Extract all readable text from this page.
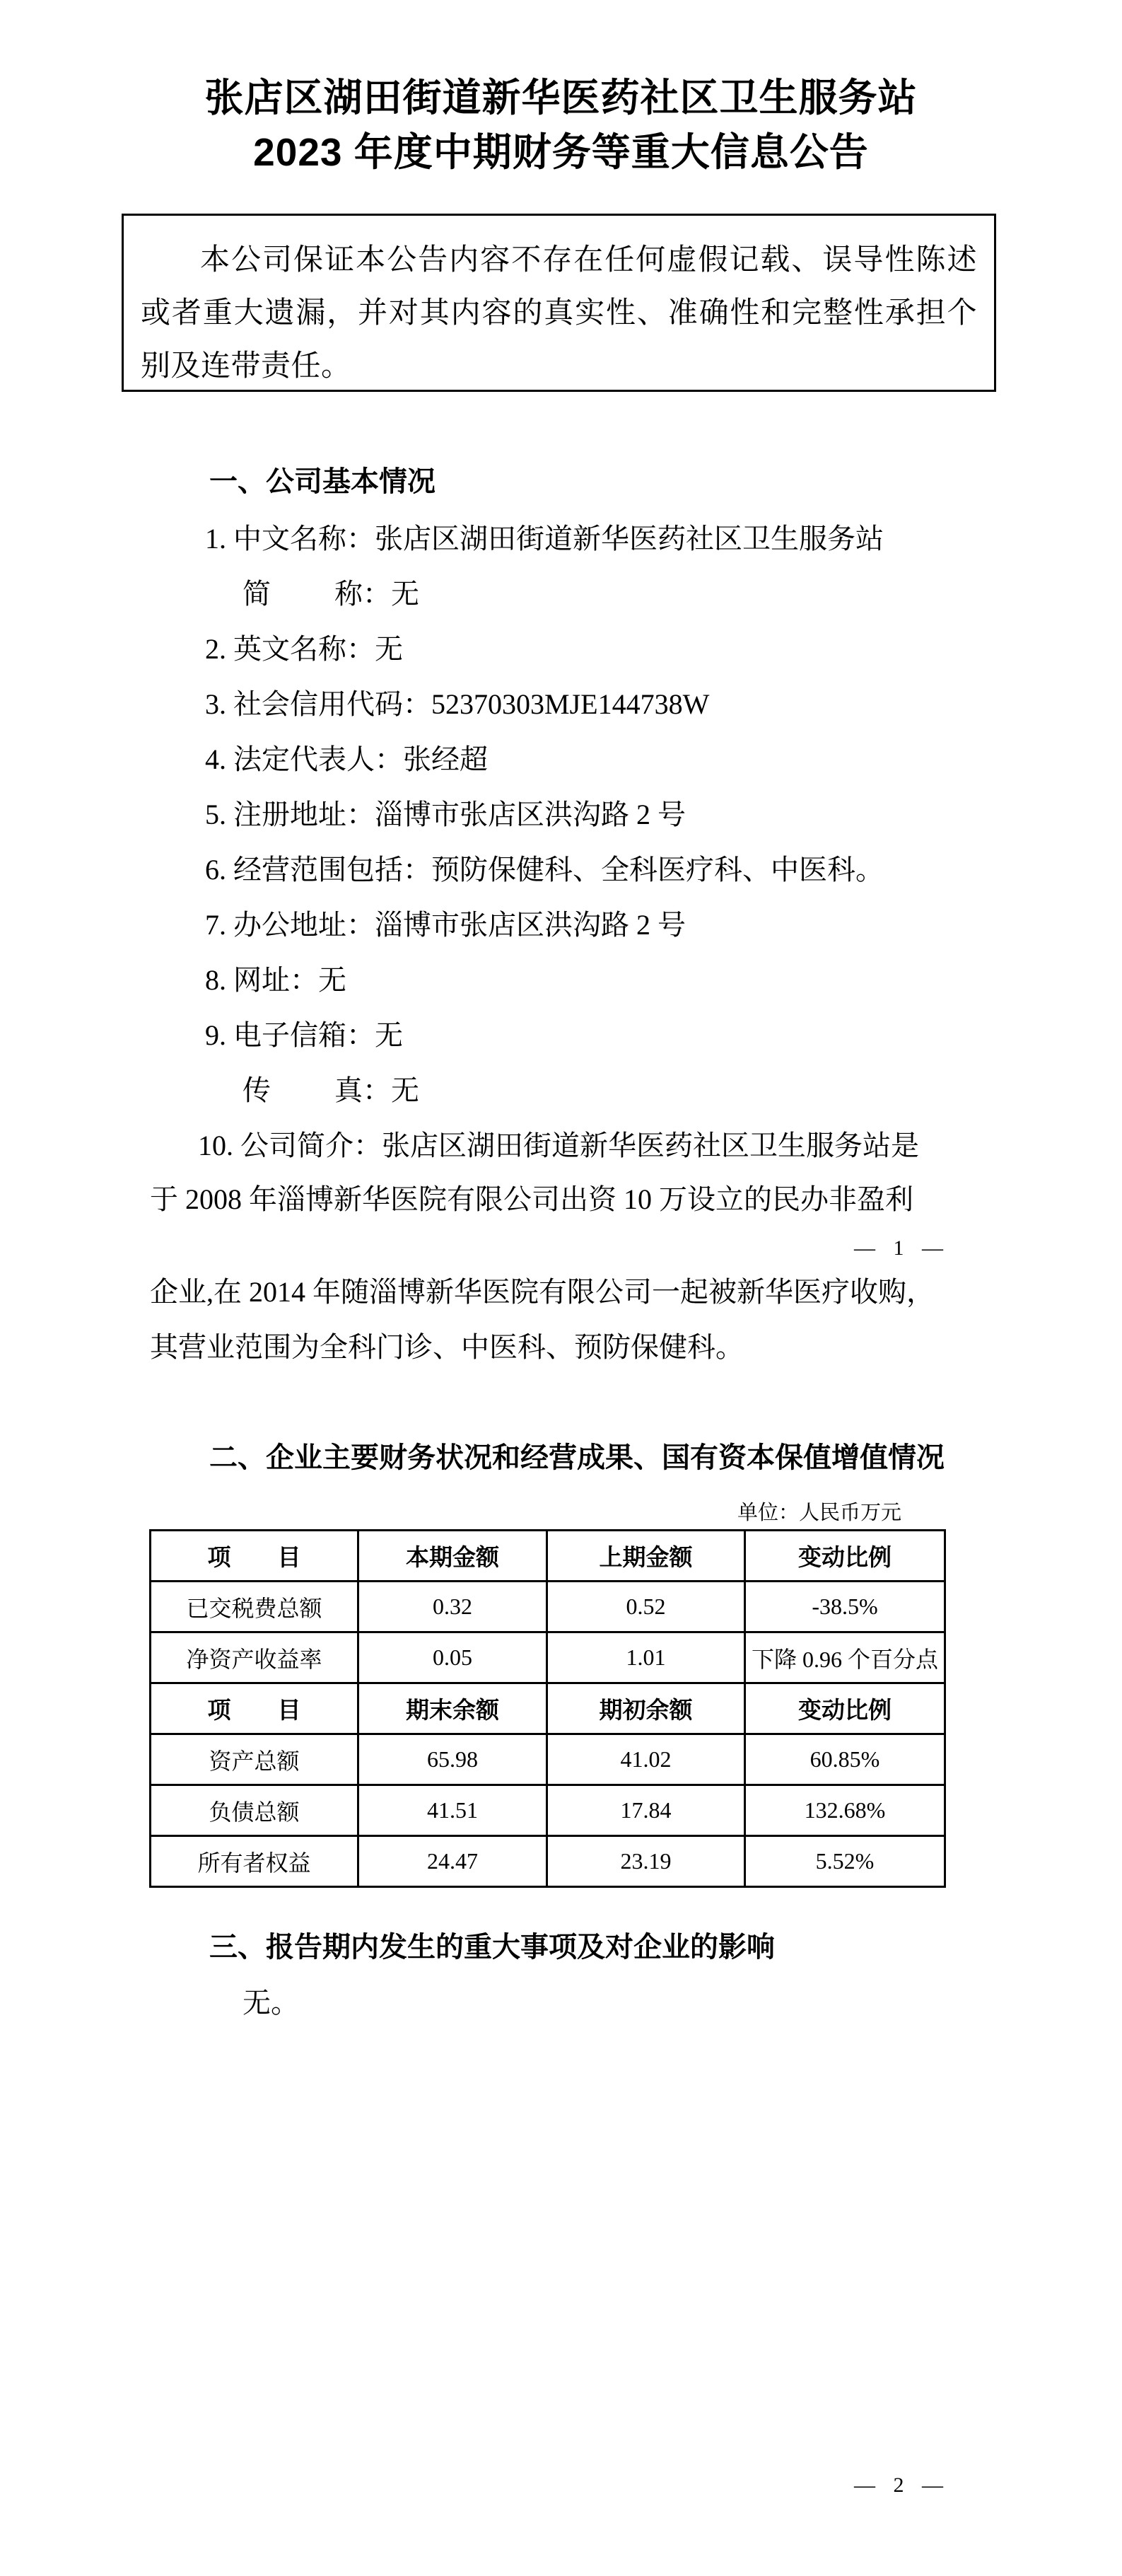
张店区湖田街道新华医药社区卫生服务站
2023 年度中期财务等重大信息公告
本公司保证本公告内容不存在任何虚假记载、误导性陈述或者重大遗漏，并对其内容的真实性、准确性和完整性承担个别及连带责任。
一、公司基本情况
1. 中文名称：张店区湖田街道新华医药社区卫生服务站
简　　 称：无
2. 英文名称：无
3. 社会信用代码：52370303MJE144738W
4. 法定代表人：张经超
5. 注册地址：淄博市张店区洪沟路 2 号
6. 经营范围包括：预防保健科、全科医疗科、中医科。
7. 办公地址：淄博市张店区洪沟路 2 号
8. 网址：无
9. 电子信箱：无
传　　 真：无
10. 公司简介：张店区湖田街道新华医药社区卫生服务站是
于 2008 年淄博新华医院有限公司出资 10 万设立的民办非盈利
— 1 —
企业,在 2014 年随淄博新华医院有限公司一起被新华医疗收购，
其营业范围为全科门诊、中医科、预防保健科。
二、企业主要财务状况和经营成果、国有资本保值增值情况
单位：人民币万元
项　　目	本期金额	上期金额	变动比例
已交税费总额	0.32	0.52	-38.5%
净资产收益率	0.05	1.01	下降 0.96 个百分点
项　　目	期末余额	期初余额	变动比例
资产总额	65.98	41.02	60.85%
负债总额	41.51	17.84	132.68%
所有者权益	24.47	23.19	5.52%
三、报告期内发生的重大事项及对企业的影响
无。
— 2 —
